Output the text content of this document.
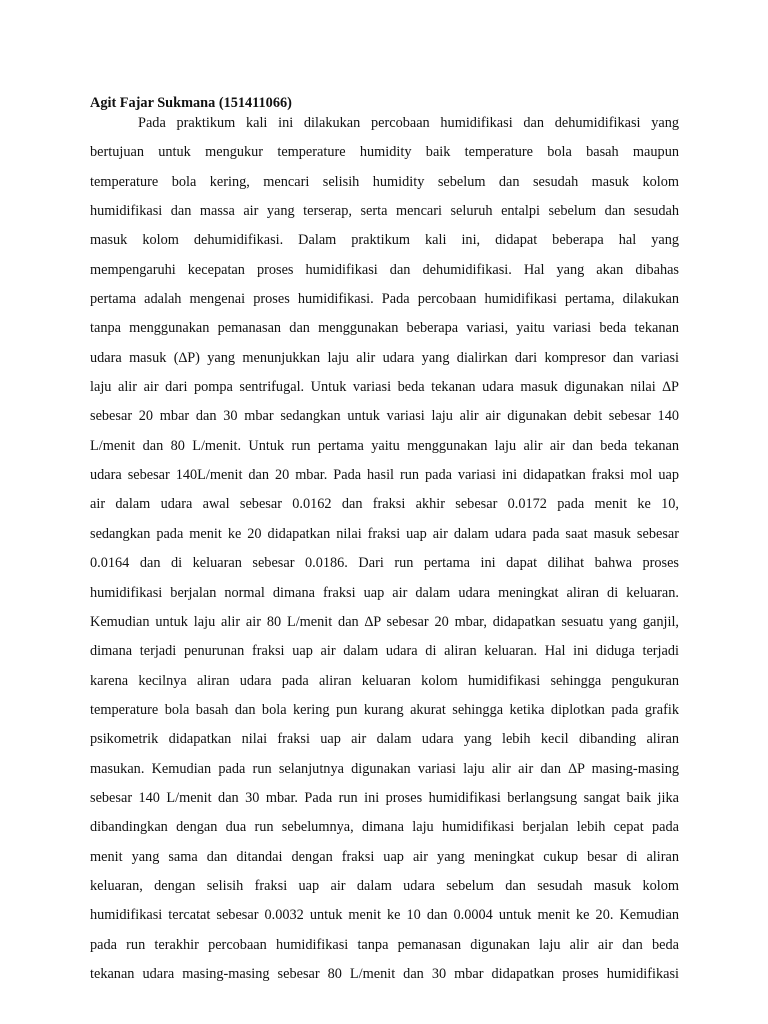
Agit Fajar Sukmana (151411066)
Pada praktikum kali ini dilakukan percobaan humidifikasi dan dehumidifikasi yang
bertujuan untuk mengukur temperature humidity baik temperature bola basah maupun
temperature bola kering, mencari selisih humidity sebelum dan sesudah masuk kolom
humidifikasi dan massa air yang terserap, serta mencari seluruh entalpi sebelum dan sesudah
masuk kolom dehumidifikasi. Dalam praktikum kali ini, didapat beberapa hal yang
mempengaruhi kecepatan proses humidifikasi dan dehumidifikasi. Hal yang akan dibahas
pertama adalah mengenai proses humidifikasi. Pada percobaan humidifikasi pertama, dilakukan
tanpa menggunakan pemanasan dan menggunakan beberapa variasi, yaitu variasi beda tekanan
udara masuk (∆P) yang menunjukkan laju alir udara yang dialirkan dari kompresor dan variasi
laju alir air dari pompa sentrifugal. Untuk variasi beda tekanan udara masuk digunakan nilai ∆P
sebesar 20 mbar dan 30 mbar sedangkan untuk variasi laju alir air digunakan debit sebesar 140
L/menit dan 80 L/menit. Untuk run pertama yaitu menggunakan laju alir air dan beda tekanan
udara sebesar 140L/menit dan 20 mbar. Pada hasil run pada variasi ini didapatkan fraksi mol uap
air dalam udara awal sebesar 0.0162 dan fraksi akhir sebesar 0.0172 pada menit ke 10,
sedangkan pada menit ke 20 didapatkan nilai fraksi uap air dalam udara pada saat masuk sebesar
0.0164 dan di keluaran sebesar 0.0186. Dari run pertama ini dapat dilihat bahwa proses
humidifikasi berjalan normal dimana fraksi uap air dalam udara meningkat aliran di keluaran.
Kemudian untuk laju alir air 80 L/menit dan ∆P sebesar 20 mbar, didapatkan sesuatu yang ganjil,
dimana terjadi penurunan fraksi uap air dalam udara di aliran keluaran. Hal ini diduga terjadi
karena kecilnya aliran udara pada aliran keluaran kolom humidifikasi sehingga pengukuran
temperature bola basah dan bola kering pun kurang akurat sehingga ketika diplotkan pada grafik
psikometrik didapatkan nilai fraksi uap air dalam udara yang lebih kecil dibanding aliran
masukan. Kemudian pada run selanjutnya digunakan variasi laju alir air dan ∆P masing-masing
sebesar 140 L/menit dan 30 mbar. Pada run ini proses humidifikasi berlangsung sangat baik jika
dibandingkan dengan dua run sebelumnya, dimana laju humidifikasi berjalan lebih cepat pada
menit yang sama dan ditandai dengan fraksi uap air yang meningkat cukup besar di aliran
keluaran, dengan selisih fraksi uap air dalam udara sebelum dan sesudah masuk kolom
humidifikasi tercatat sebesar 0.0032 untuk menit ke 10 dan 0.0004 untuk menit ke 20. Kemudian
pada run terakhir percobaan humidifikasi tanpa pemanasan digunakan laju alir air dan beda
tekanan udara masing-masing sebesar 80 L/menit dan 30 mbar didapatkan proses humidifikasi
